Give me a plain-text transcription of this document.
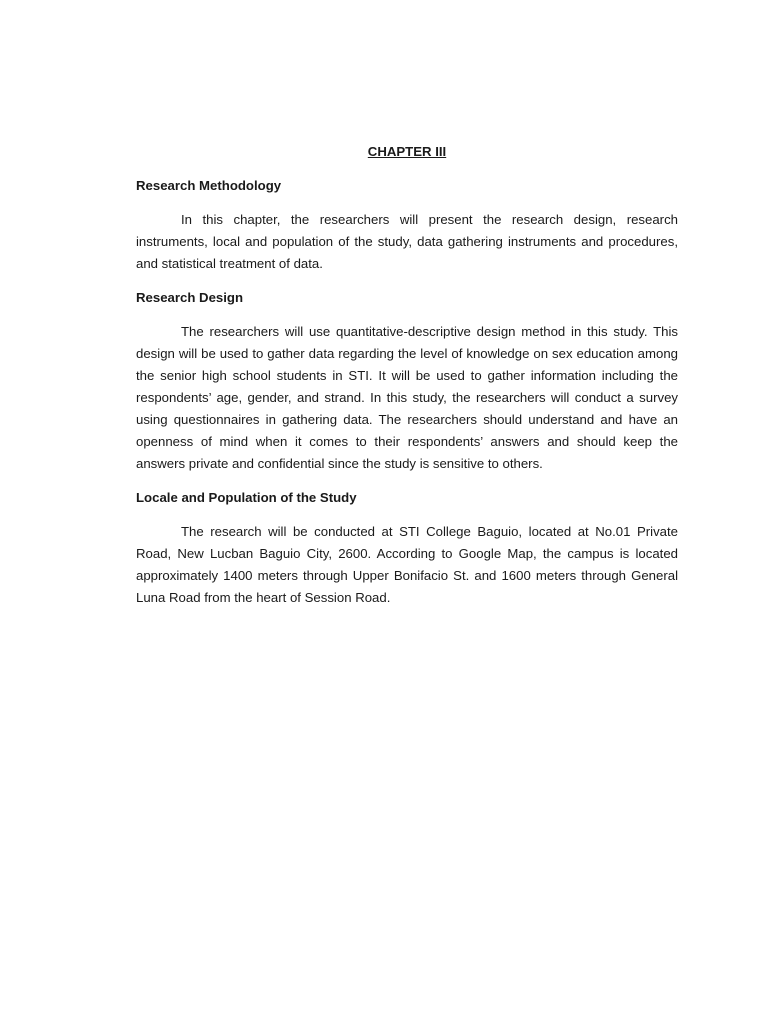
CHAPTER III

Research Methodology

In this chapter, the researchers will present the research design, research instruments, local and population of the study, data gathering instruments and procedures, and statistical treatment of data.

Research Design

The researchers will use quantitative-descriptive design method in this study. This design will be used to gather data regarding the level of knowledge on sex education among the senior high school students in STI. It will be used to gather information including the respondents’ age, gender, and strand. In this study, the researchers will conduct a survey using questionnaires in gathering data. The researchers should understand and have an openness of mind when it comes to their respondents’ answers and should keep the answers private and confidential since the study is sensitive to others.

Locale and Population of the Study

The research will be conducted at STI College Baguio, located at No.01 Private Road, New Lucban Baguio City, 2600. According to Google Map, the campus is located approximately 1400 meters through Upper Bonifacio St. and 1600 meters through General Luna Road from the heart of Session Road.
